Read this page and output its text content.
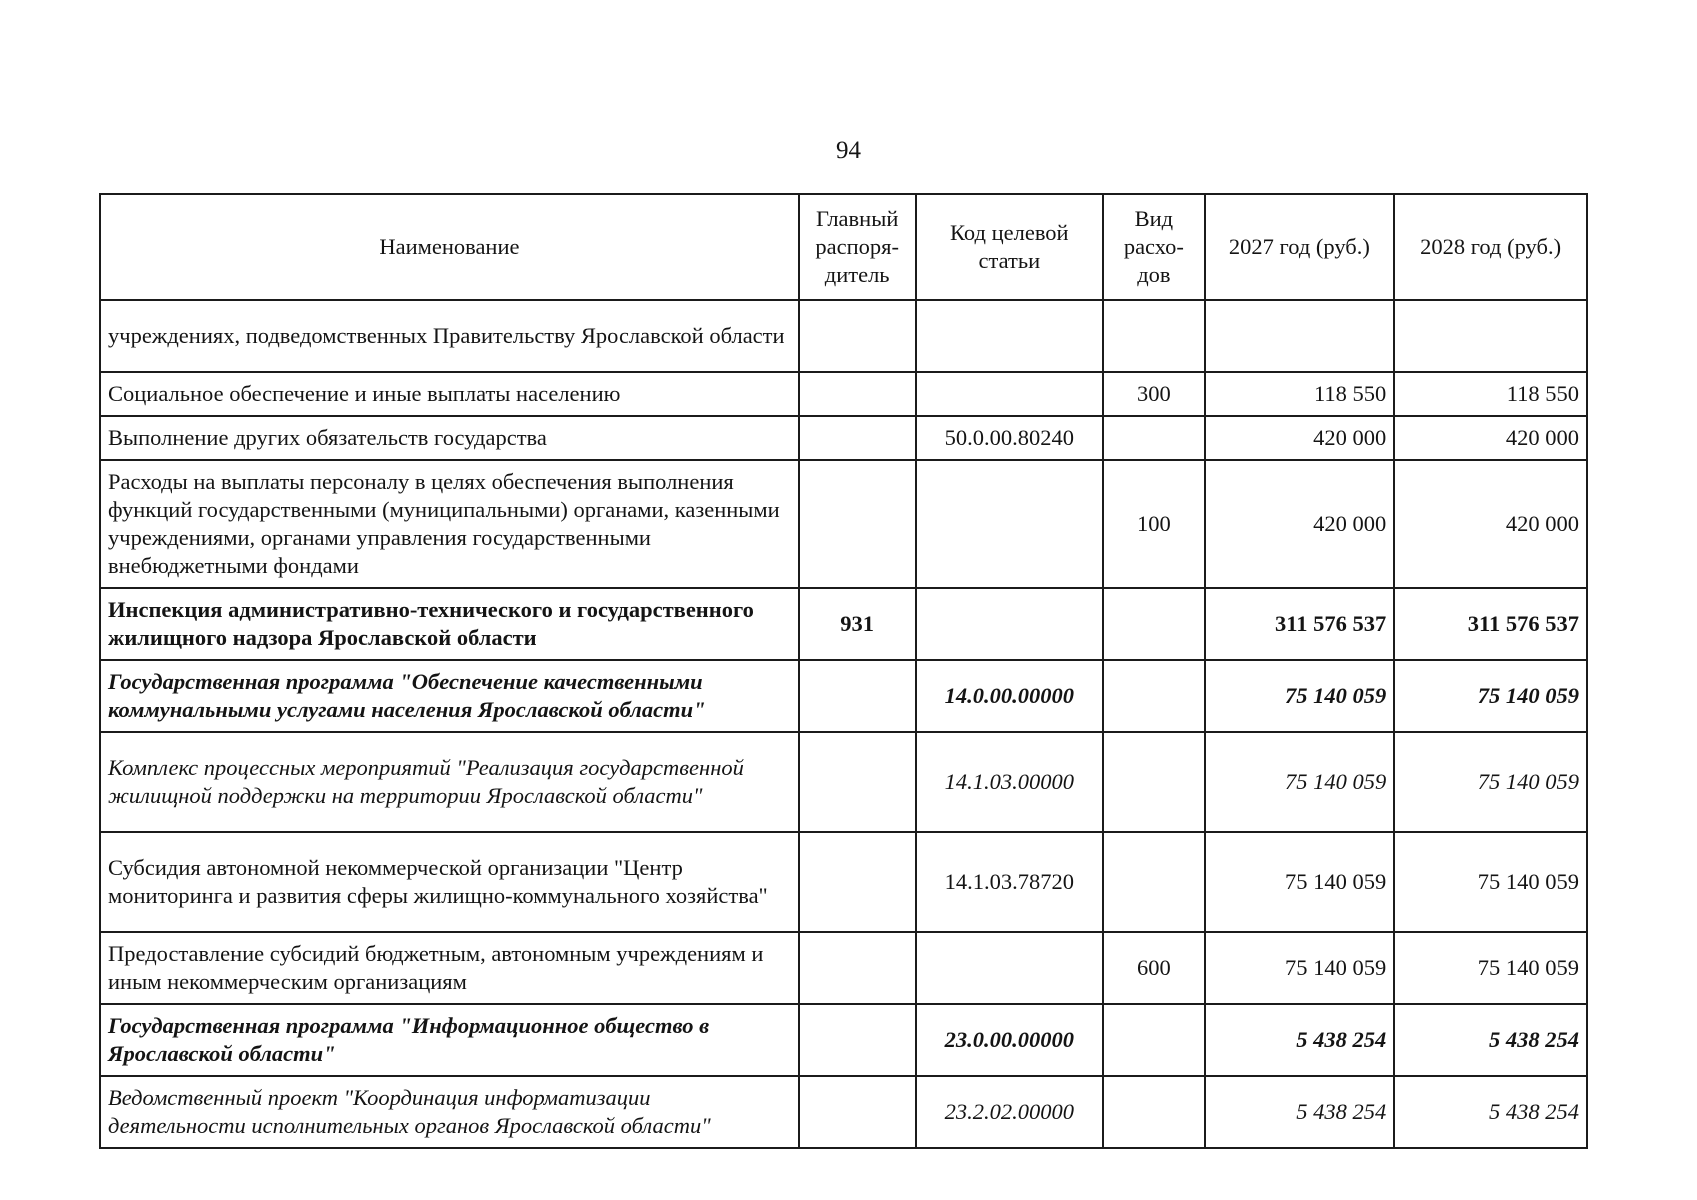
94
Наименование	Главный распоря-дитель	Код целевой статьи	Вид расхо-дов	2027 год (руб.)	2028 год (руб.)
учреждениях, подведомственных Правительству Ярославской области					
Социальное обеспечение и иные выплаты населению			300	118 550	118 550
Выполнение других обязательств государства		50.0.00.80240		420 000	420 000
Расходы на выплаты персоналу в целях обеспечения выполнения функций государственными (муниципальными) органами, казенными учреждениями, органами управления государственными внебюджетными фондами			100	420 000	420 000
Инспекция административно-технического и государственного жилищного надзора Ярославской области	931			311 576 537	311 576 537
Государственная программа "Обеспечение качественными коммунальными услугами населения Ярославской области"		14.0.00.00000		75 140 059	75 140 059
Комплекс процессных мероприятий "Реализация государственной жилищной поддержки на территории Ярославской области"		14.1.03.00000		75 140 059	75 140 059
Субсидия автономной некоммерческой организации "Центр мониторинга и развития сферы жилищно-коммунального хозяйства"		14.1.03.78720		75 140 059	75 140 059
Предоставление субсидий бюджетным, автономным учреждениям и иным некоммерческим организациям			600	75 140 059	75 140 059
Государственная программа "Информационное общество в Ярославской области"		23.0.00.00000		5 438 254	5 438 254
Ведомственный проект "Координация информатизации деятельности исполнительных органов Ярославской области"		23.2.02.00000		5 438 254	5 438 254
